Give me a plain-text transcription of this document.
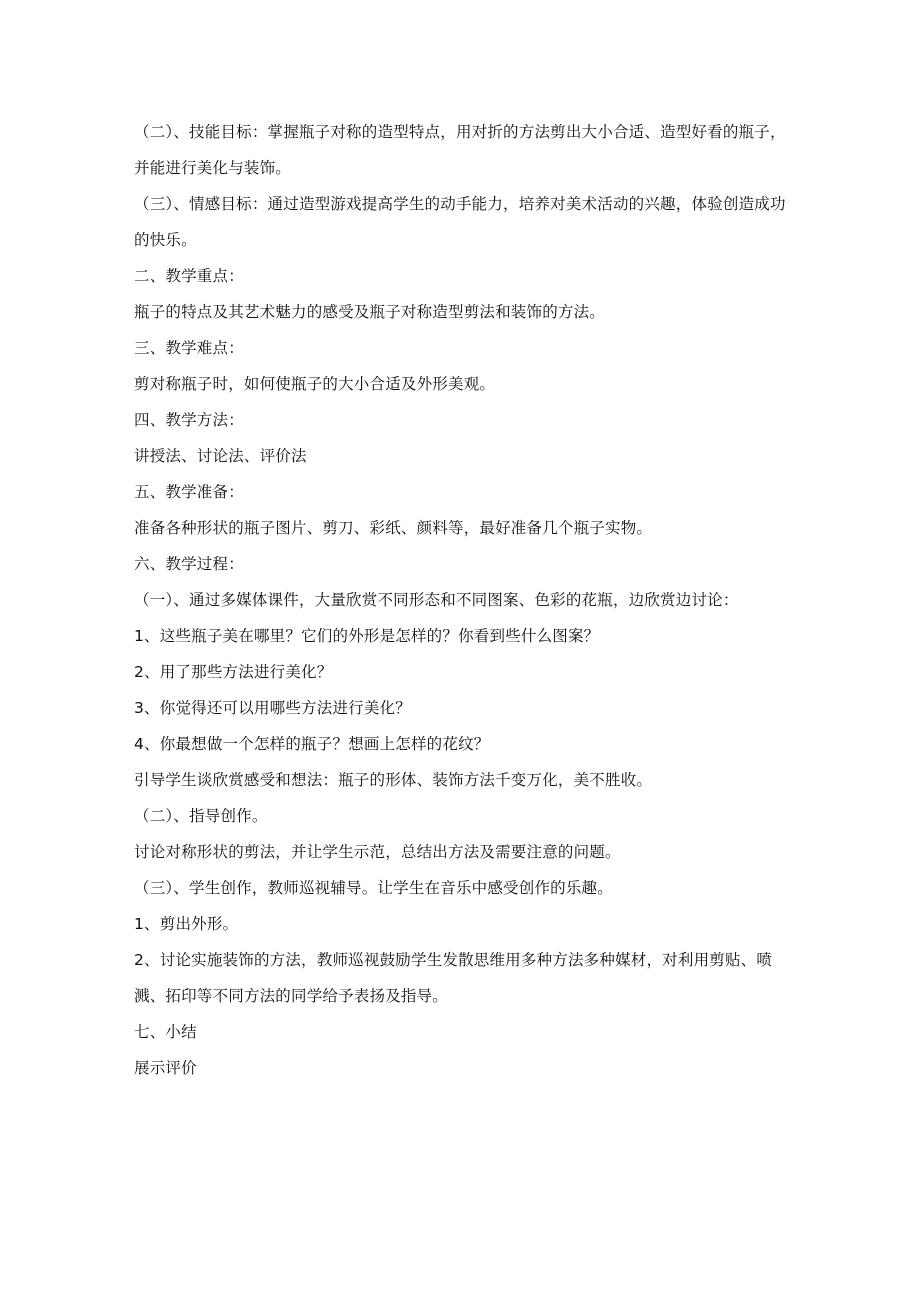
（二）、技能目标：掌握瓶子对称的造型特点，用对折的方法剪出大小合适、造型好看的瓶子，并能进行美化与装饰。

（三）、情感目标：通过造型游戏提高学生的动手能力，培养对美术活动的兴趣，体验创造成功的快乐。

二、教学重点：

瓶子的特点及其艺术魅力的感受及瓶子对称造型剪法和装饰的方法。

三、教学难点：

剪对称瓶子时，如何使瓶子的大小合适及外形美观。

四、教学方法：

讲授法、讨论法、评价法

五、教学准备：

准备各种形状的瓶子图片、剪刀、彩纸、颜料等，最好准备几个瓶子实物。

六、教学过程：

（一）、通过多媒体课件，大量欣赏不同形态和不同图案、色彩的花瓶，边欣赏边讨论：

1、这些瓶子美在哪里？它们的外形是怎样的？你看到些什么图案？

2、用了那些方法进行美化？

3、你觉得还可以用哪些方法进行美化？

4、你最想做一个怎样的瓶子？想画上怎样的花纹？

引导学生谈欣赏感受和想法：瓶子的形体、装饰方法千变万化，美不胜收。

（二）、指导创作。

讨论对称形状的剪法，并让学生示范，总结出方法及需要注意的问题。

（三）、学生创作，教师巡视辅导。让学生在音乐中感受创作的乐趣。

1、剪出外形。

2、讨论实施装饰的方法，教师巡视鼓励学生发散思维用多种方法多种媒材，对利用剪贴、喷溅、拓印等不同方法的同学给予表扬及指导。

七、小结

展示评价
